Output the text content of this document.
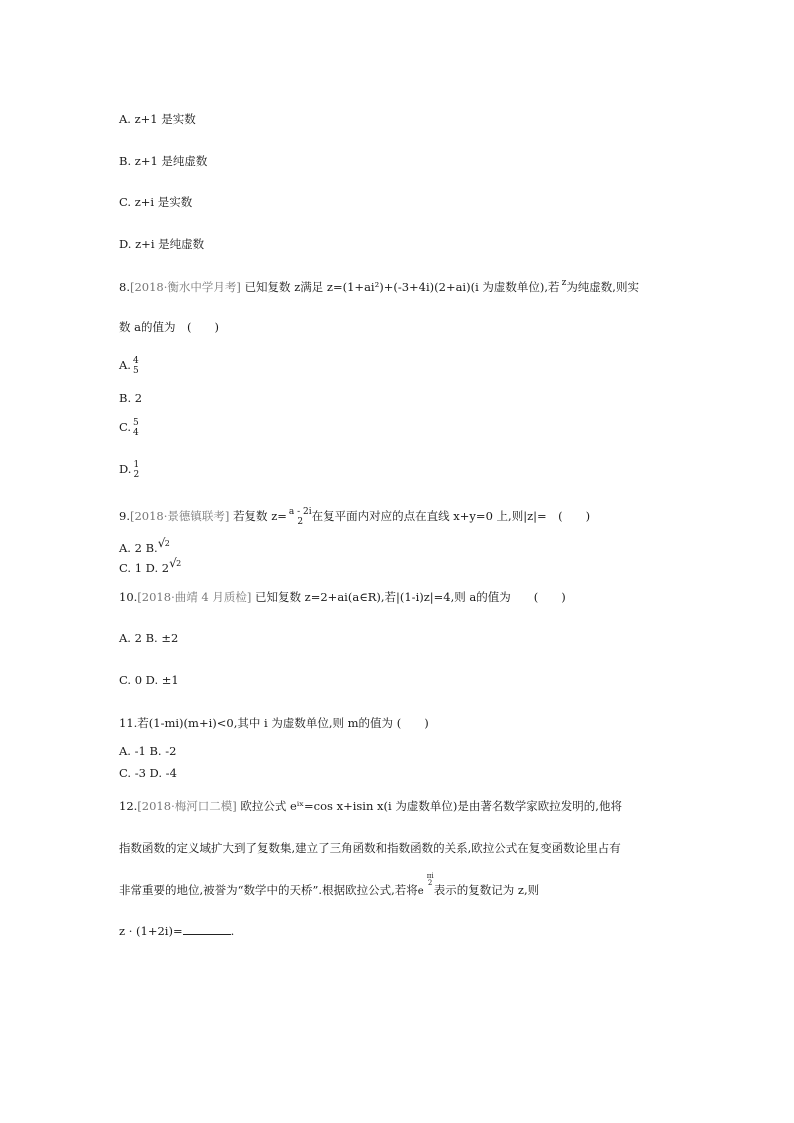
A. z+1 是实数
B. z+1 是纯虚数
C. z+i 是实数
D. z+i 是纯虚数
8.[2018·衡水中学月考] 已知复数 z满足 z=(1+ai²)+(-3+4i)(2+ai)(i 为虚数单位),若 z 为纯虚数,则实
数 a的值为　(　　)
A. 4
5
B. 2
C. 5
4
D. 1
2
9.[2018·景德镇联考] 若复数 z= a - 2i
2 在复平面内对应的点在直线 x+y=0 上,则|z|=　(　　)
A. 2 B. √ $^2$
C. 1 D. 2 √ $^2$
10.[2018·曲靖 4 月质检] 已知复数 z=2+ai(a∈R),若|(1-i)z|=4,则 a的值为　　(　　)
A. 2 B. ±2
C. 0 D. ±1
11.若(1-mi)(m+i)<0,其中 i 为虚数单位,则 m的值为 (　　)
A. -1 B. -2
C. -3 D. -4
12.[2018·梅河口二模] 欧拉公式 eⁱˣ=cos x+isin x(i 为虚数单位)是由著名数学家欧拉发明的,他将
指数函数的定义域扩大到了复数集,建立了三角函数和指数函数的关系,欧拉公式在复变函数论里占有
非常重要的地位,被誉为“数学中的天桥”.根据欧拉公式,若将e
πi
2 表示的复数记为 z,则
z · (1+2i)=	.
